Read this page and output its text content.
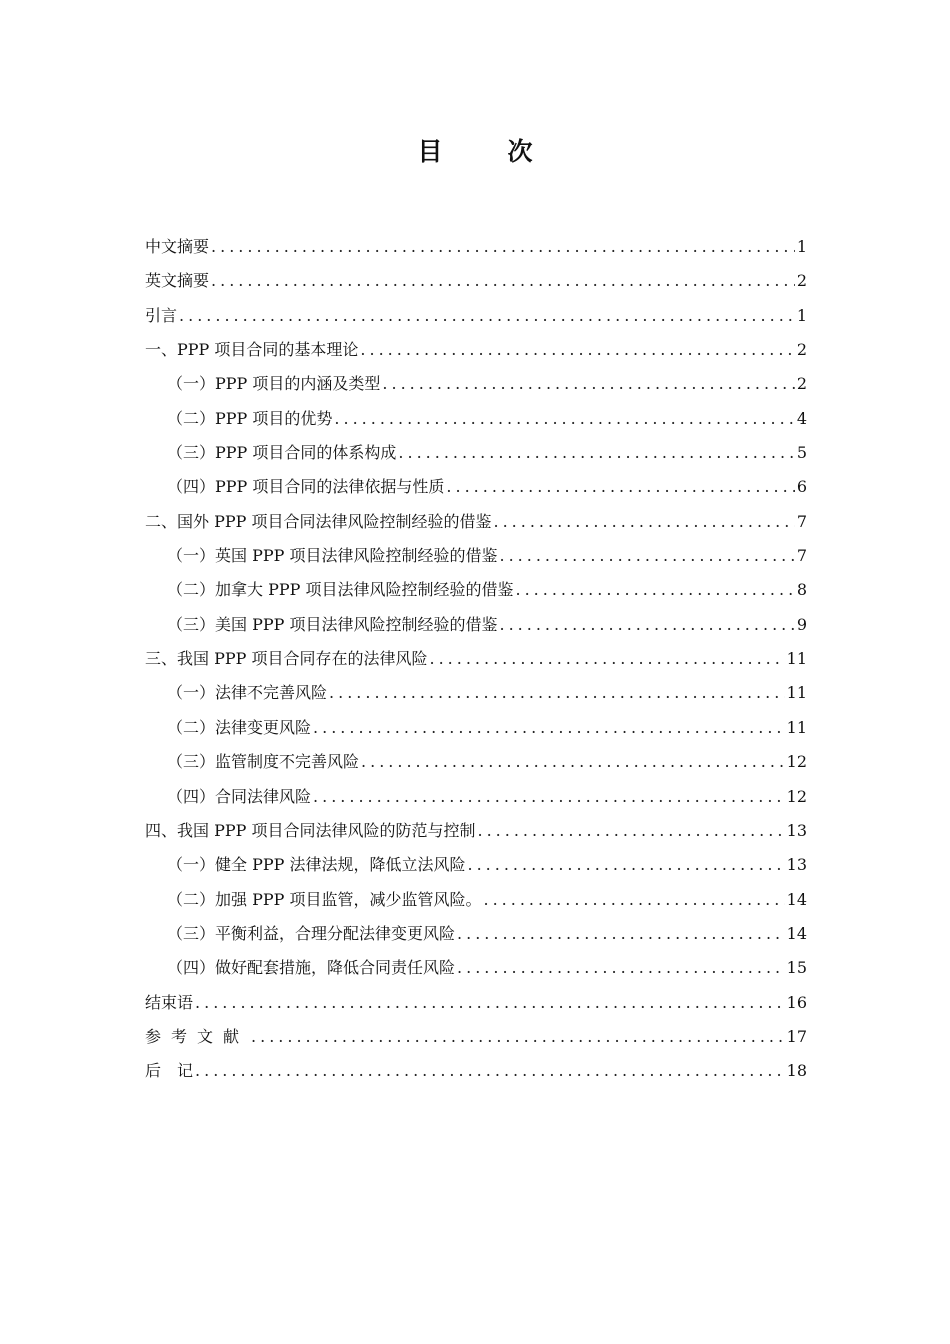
目　次
中文摘要 .....	1
英文摘要 .....	2
引言 .....	1
一、PPP 项目合同的基本理论 .....	2
（一）PPP 项目的内涵及类型 .....	2
（二）PPP 项目的优势 .....	4
（三）PPP 项目合同的体系构成 .....	5
（四）PPP 项目合同的法律依据与性质 .....	6
二、国外 PPP 项目合同法律风险控制经验的借鉴 .....	7
（一）英国 PPP 项目法律风险控制经验的借鉴 .....	7
（二）加拿大 PPP 项目法律风险控制经验的借鉴 .....	8
（三）美国 PPP 项目法律风险控制经验的借鉴 .....	9
三、我国 PPP 项目合同存在的法律风险 .....	11
（一）法律不完善风险 .....	11
（二）法律变更风险 .....	11
（三）监管制度不完善风险 .....	12
（四）合同法律风险 .....	12
四、我国 PPP 项目合同法律风险的防范与控制 .....	13
（一）健全 PPP 法律法规，降低立法风险 .....	13
（二）加强 PPP 项目监管，减少监管风险。 .....	14
（三）平衡利益，合理分配法律变更风险 .....	14
（四）做好配套措施，降低合同责任风险 .....	15
结束语 .....	16
参考文献 .....	17
后　记 .....	18
